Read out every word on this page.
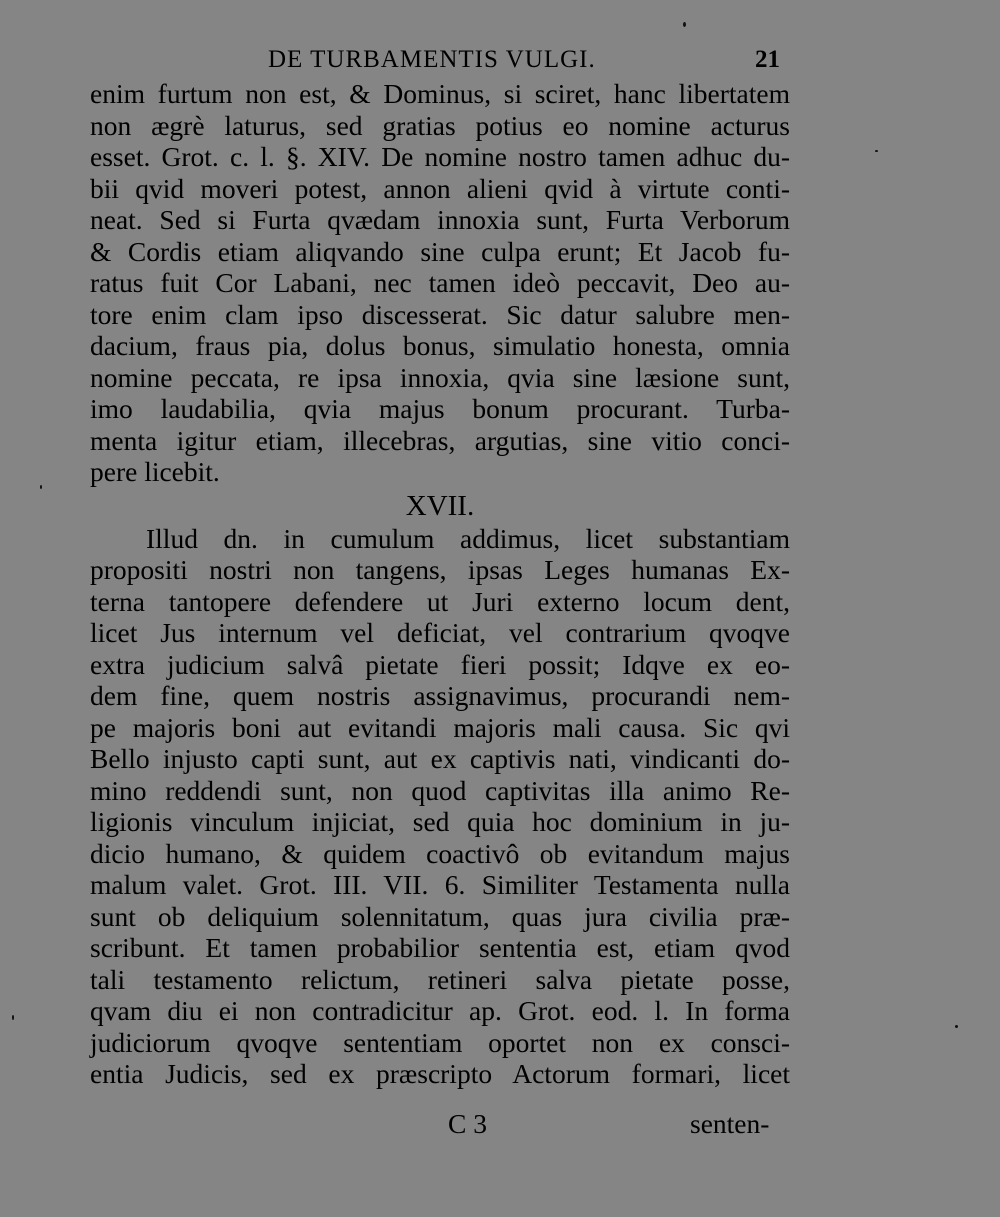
DE TURBAMENTIS VULGI.	21
enim furtum non est, & Dominus, si sciret, hanc libertatem
non ægrè laturus, sed gratias potius eo nomine acturus
esset. Grot. c. l. §. XIV. De nomine nostro tamen adhuc du-
bii qvid moveri potest, annon alieni qvid à virtute conti-
neat. Sed si Furta qvædam innoxia sunt, Furta Verborum
& Cordis etiam aliqvando sine culpa erunt; Et Jacob fu-
ratus fuit Cor Labani, nec tamen ideò peccavit, Deo au-
tore enim clam ipso discesserat. Sic datur salubre men-
dacium, fraus pia, dolus bonus, simulatio honesta, omnia
nomine peccata, re ipsa innoxia, qvia sine læsione sunt,
imo laudabilia, qvia majus bonum procurant. Turba-
menta igitur etiam, illecebras, argutias, sine vitio conci-
pere licebit.
XVII.
Illud dn. in cumulum addimus, licet substantiam
propositi nostri non tangens, ipsas Leges humanas Ex-
terna tantopere defendere ut Juri externo locum dent,
licet Jus internum vel deficiat, vel contrarium qvoqve
extra judicium salvâ pietate fieri possit; Idqve ex eo-
dem fine, quem nostris assignavimus, procurandi nem-
pe majoris boni aut evitandi majoris mali causa. Sic qvi
Bello injusto capti sunt, aut ex captivis nati, vindicanti do-
mino reddendi sunt, non quod captivitas illa animo Re-
ligionis vinculum injiciat, sed quia hoc dominium in ju-
dicio humano, & quidem coactivô ob evitandum majus
malum valet. Grot. III. VII. 6. Similiter Testamenta nulla
sunt ob deliquium solennitatum, quas jura civilia præ-
scribunt. Et tamen probabilior sententia est, etiam qvod
tali testamento relictum, retineri salva pietate posse,
qvam diu ei non contradicitur ap. Grot. eod. l. In forma
judiciorum qvoqve sententiam oportet non ex consci-
entia Judicis, sed ex præscripto Actorum formari, licet
C 3	senten-
